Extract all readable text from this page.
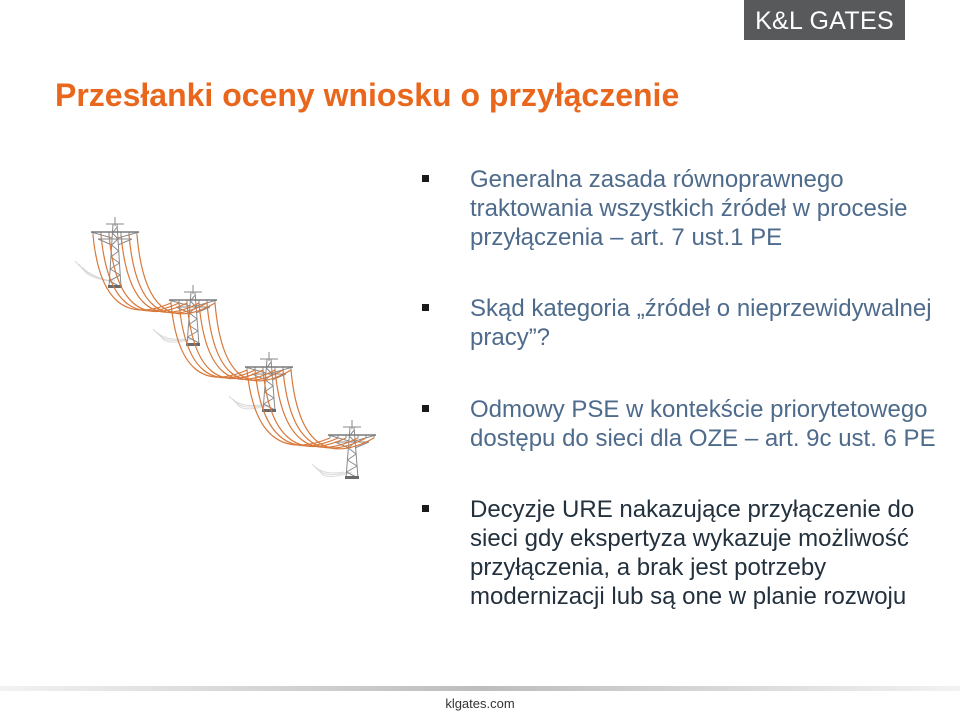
K&L GATES
Przesłanki oceny wniosku o przyłączenie
Generalna zasada równoprawnego
traktowania wszystkich źródeł w procesie
przyłączenia – art. 7 ust.1 PE
Skąd kategoria „źródeł o nieprzewidywalnej
pracy”?
Odmowy PSE w kontekście priorytetowego
dostępu do sieci dla OZE – art. 9c ust. 6 PE
Decyzje URE nakazujące przyłączenie do
sieci gdy ekspertyza wykazuje możliwość
przyłączenia, a brak jest potrzeby
modernizacji lub są one w planie rozwoju
klgates.com
